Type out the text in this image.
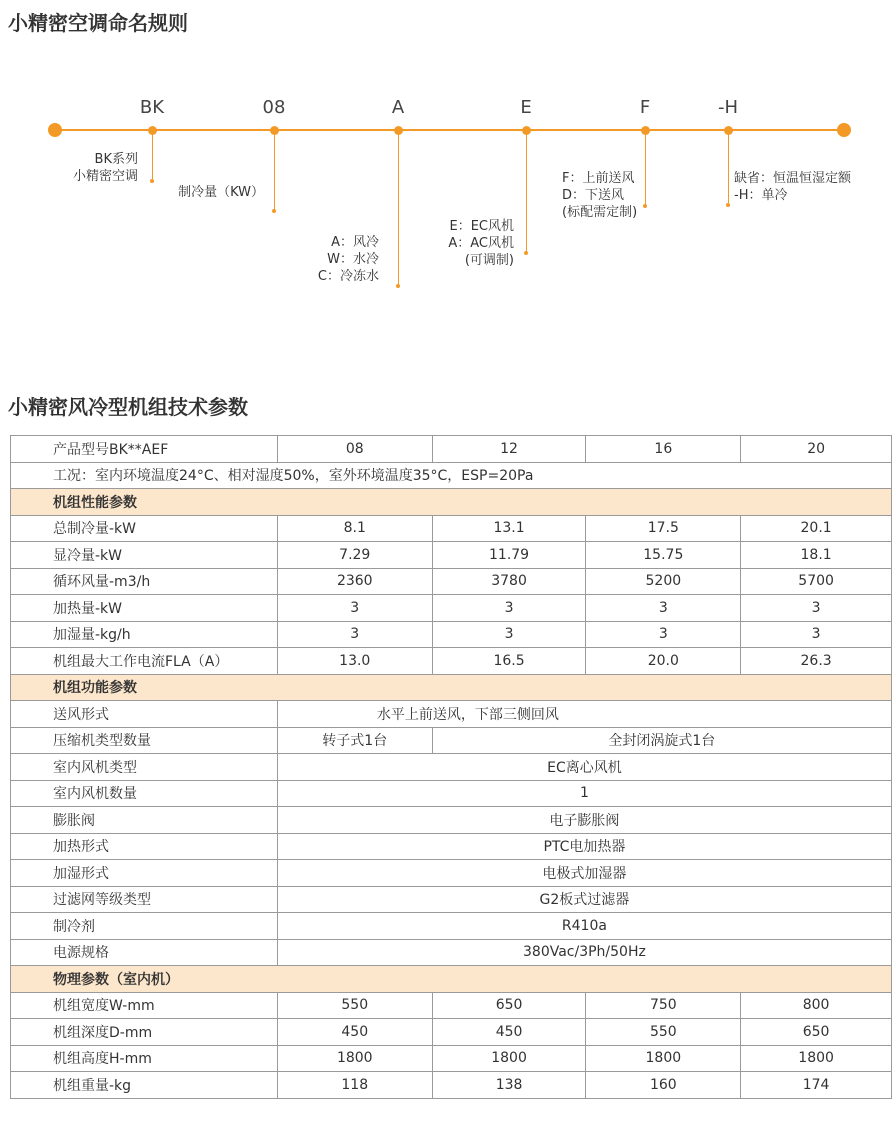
小精密空调命名规则
BK
BK系列
小精密空调
08
制冷量（KW）
A
A：风冷
W：水冷
C：冷冻水
E
E：EC风机
A：AC风机
(可调制)
F
F：上前送风
D：下送风
(标配需定制)
-H
缺省：恒温恒湿定额
-H：单冷
小精密风冷型机组技术参数
产品型号BK**AEF	08	12	16	20
工况：室内环境温度24°C、相对湿度50%，室外环境温度35°C，ESP=20Pa				
机组性能参数				
总制冷量-kW	8.1	13.1	17.5	20.1
显冷量-kW	7.29	11.79	15.75	18.1
循环风量-m3/h	2360	3780	5200	5700
加热量-kW	3	3	3	3
加湿量-kg/h	3	3	3	3
机组最大工作电流FLA（A）	13.0	16.5	20.0	26.3
机组功能参数				
送风形式	水平上前送风，下部三侧回风			
压缩机类型数量	转子式1台	全封闭涡旋式1台		
室内风机类型	EC离心风机			
室内风机数量	1			
膨胀阀	电子膨胀阀			
加热形式	PTC电加热器			
加湿形式	电极式加湿器			
过滤网等级类型	G2板式过滤器			
制冷剂	R410a			
电源规格	380Vac/3Ph/50Hz			
物理参数（室内机）				
机组宽度W-mm	550	650	750	800
机组深度D-mm	450	450	550	650
机组高度H-mm	1800	1800	1800	1800
机组重量-kg	118	138	160	174
